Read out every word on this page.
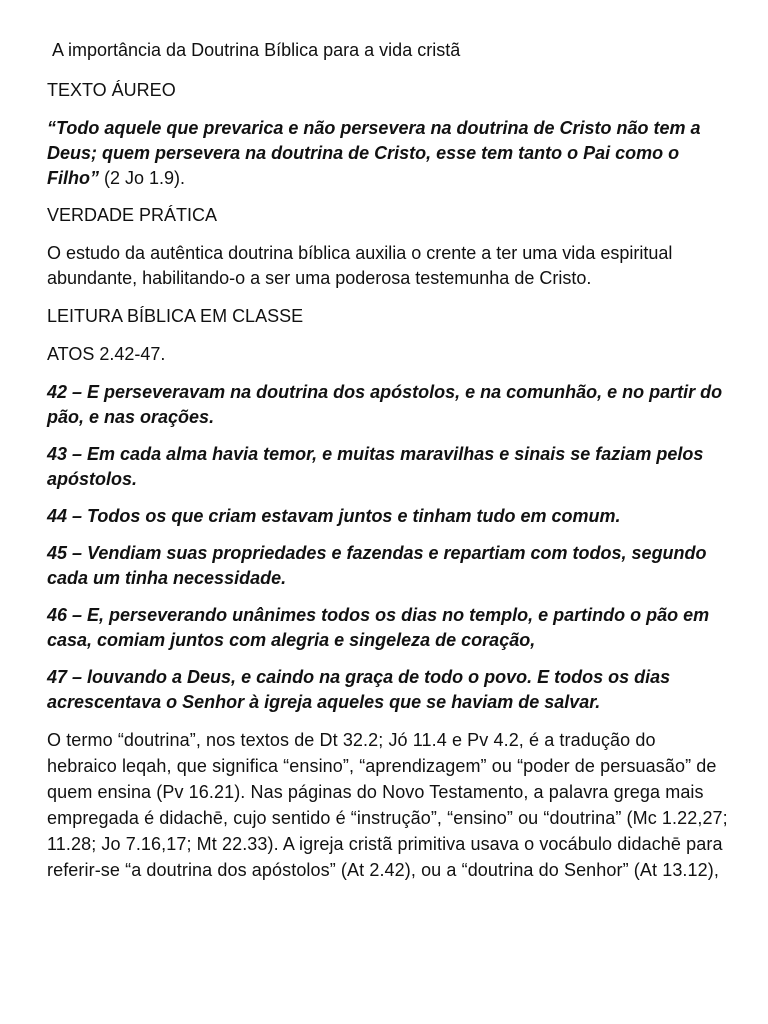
A importância da Doutrina Bíblica para a vida cristã

TEXTO ÁUREO

“Todo aquele que prevarica e não persevera na doutrina de Cristo não tem a Deus; quem persevera na doutrina de Cristo, esse tem tanto o Pai como o Filho” (2 Jo 1.9).

VERDADE PRÁTICA

O estudo da autêntica doutrina bíblica auxilia o crente a ter uma vida espiritual abundante, habilitando-o a ser uma poderosa testemunha de Cristo.

LEITURA BÍBLICA EM CLASSE

ATOS 2.42-47.

42 – E perseveravam na doutrina dos apóstolos, e na comunhão, e no partir do pão, e nas orações.

43 – Em cada alma havia temor, e muitas maravilhas e sinais se faziam pelos apóstolos.

44 – Todos os que criam estavam juntos e tinham tudo em comum.

45 – Vendiam suas propriedades e fazendas e repartiam com todos, segundo cada um tinha necessidade.

46 – E, perseverando unânimes todos os dias no templo, e partindo o pão em casa, comiam juntos com alegria e singeleza de coração,

47 – louvando a Deus, e caindo na graça de todo o povo. E todos os dias acrescentava o Senhor à igreja aqueles que se haviam de salvar.

O termo “doutrina”, nos textos de Dt 32.2; Jó 11.4 e Pv 4.2, é a tradução do hebraico leqah, que significa “ensino”, “aprendizagem” ou “poder de persuasão” de quem ensina (Pv 16.21). Nas páginas do Novo Testamento, a palavra grega mais empregada é didachē, cujo sentido é “instrução”, “ensino” ou “doutrina” (Mc 1.22,27; 11.28; Jo 7.16,17; Mt 22.33). A igreja cristã primitiva usava o vocábulo didachē para referir-se “a doutrina dos apóstolos” (At 2.42), ou a “doutrina do Senhor” (At 13.12),
